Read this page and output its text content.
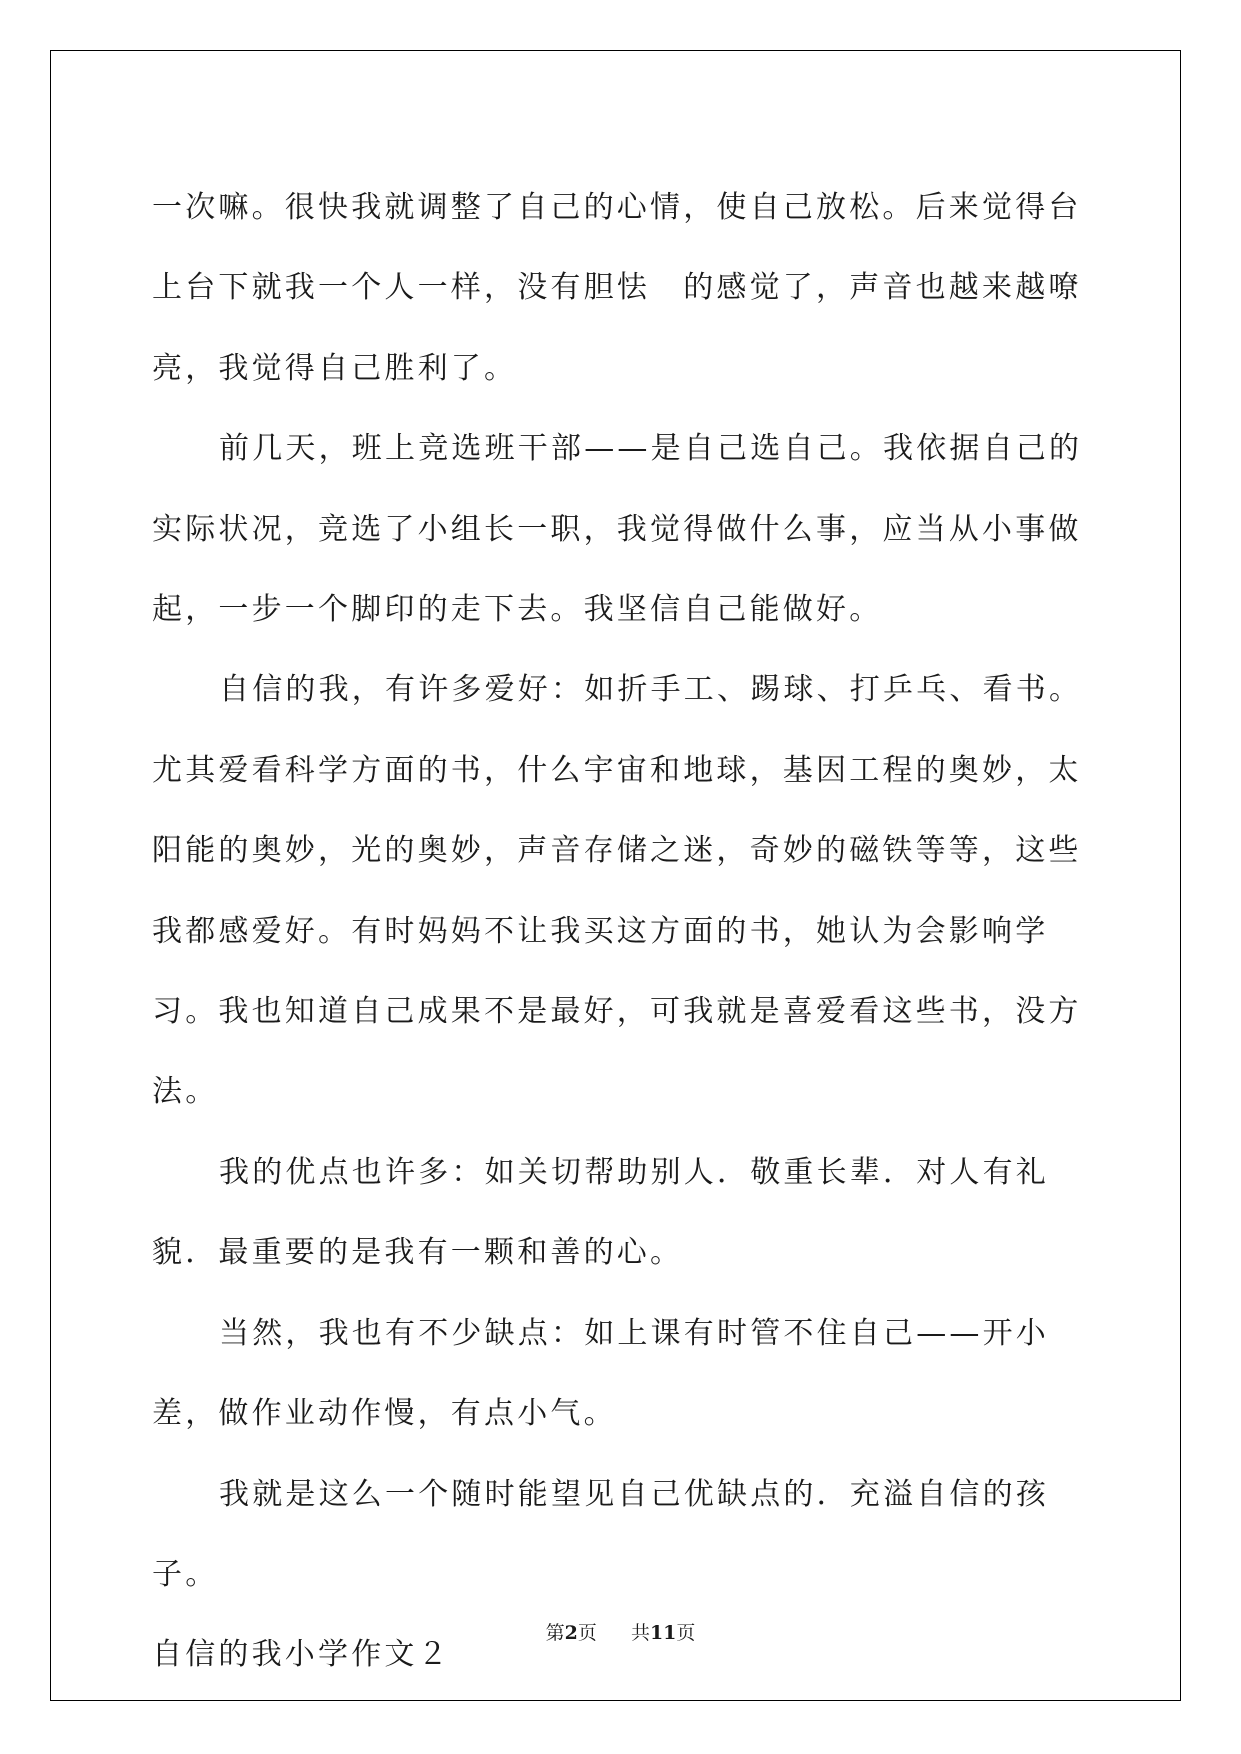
一次嘛。很快我就调整了自己的心情，使自己放松。后来觉得台上台下就我一个人一样，没有胆怯　的感觉了，声音也越来越嘹亮，我觉得自己胜利了。

前几天，班上竞选班干部——是自己选自己。我依据自己的实际状况，竞选了小组长一职，我觉得做什么事，应当从小事做起，一步一个脚印的走下去。我坚信自己能做好。

自信的我，有许多爱好：如折手工、踢球、打乒乓、看书。尤其爱看科学方面的书，什么宇宙和地球，基因工程的奥妙，太阳能的奥妙，光的奥妙，声音存储之迷，奇妙的磁铁等等，这些我都感爱好。有时妈妈不让我买这方面的书，她认为会影响学习。我也知道自己成果不是最好，可我就是喜爱看这些书，没方法。

我的优点也许多：如关切帮助别人．敬重长辈．对人有礼貌．最重要的是我有一颗和善的心。

当然，我也有不少缺点：如上课有时管不住自己——开小差，做作业动作慢，有点小气。

我就是这么一个随时能望见自己优缺点的．充溢自信的孩子。

自信的我小学作文２

第2页 共11页
